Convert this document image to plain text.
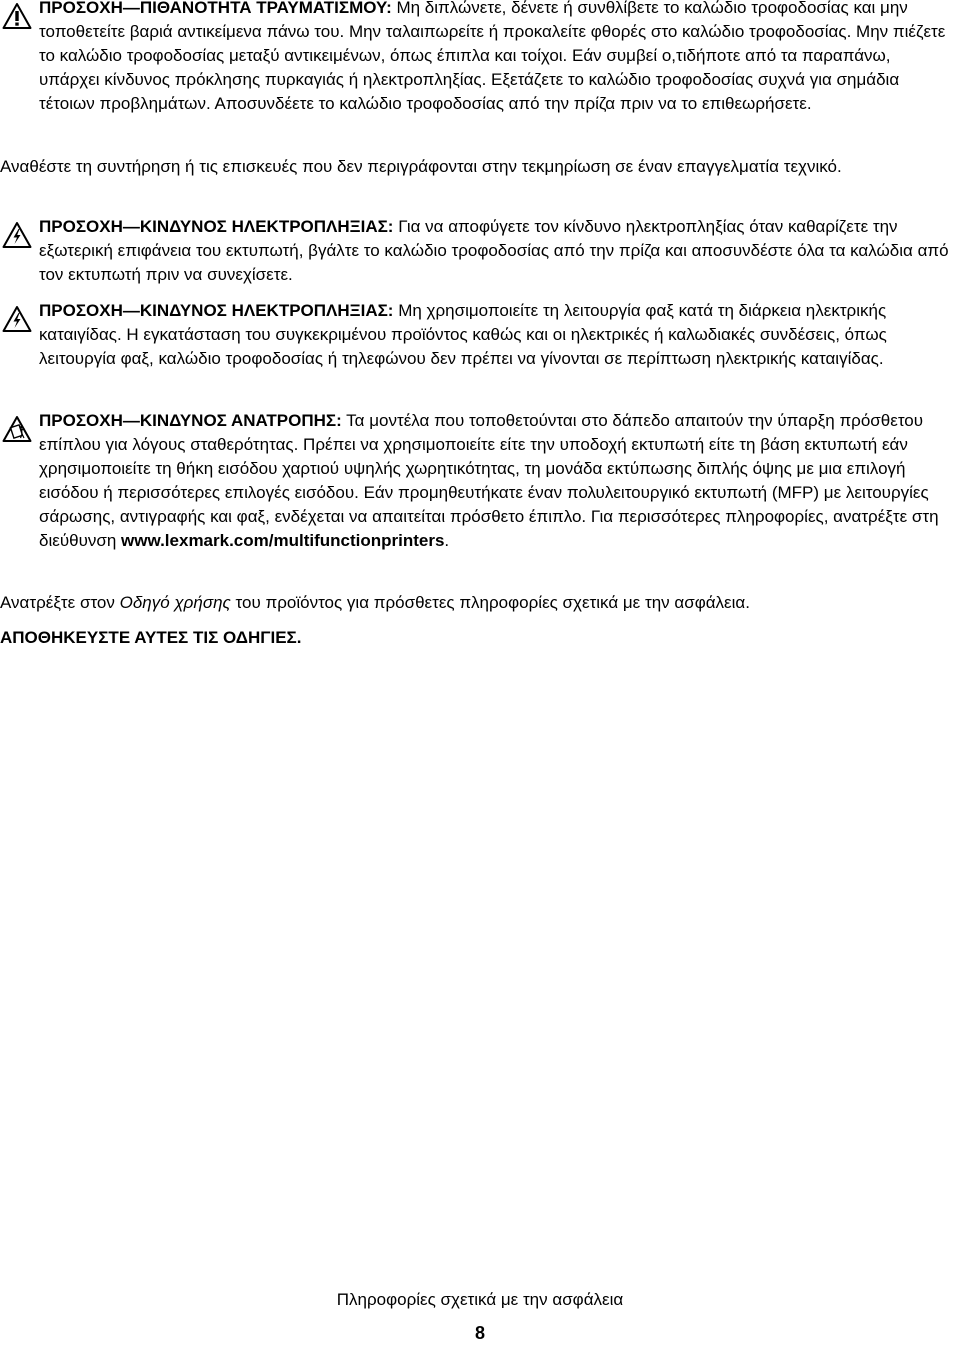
ΠΡΟΣΟΧΗ—ΠΙΘΑΝΟΤΗΤΑ ΤΡΑΥΜΑΤΙΣΜΟΥ: Μη διπλώνετε, δένετε ή συνθλίβετε το καλώδιο τροφοδοσίας και μην τοποθετείτε βαριά αντικείμενα πάνω του. Μην ταλαιπωρείτε ή προκαλείτε φθορές στο καλώδιο τροφοδοσίας. Μην πιέζετε το καλώδιο τροφοδοσίας μεταξύ αντικειμένων, όπως έπιπλα και τοίχοι. Εάν συμβεί ο,τιδήποτε από τα παραπάνω, υπάρχει κίνδυνος πρόκλησης πυρκαγιάς ή ηλεκτροπληξίας. Εξετάζετε το καλώδιο τροφοδοσίας συχνά για σημάδια τέτοιων προβλημάτων. Αποσυνδέετε το καλώδιο τροφοδοσίας από την πρίζα πριν να το επιθεωρήσετε.
Αναθέστε τη συντήρηση ή τις επισκευές που δεν περιγράφονται στην τεκμηρίωση σε έναν επαγγελματία τεχνικό.
ΠΡΟΣΟΧΗ—ΚΙΝΔΥΝΟΣ ΗΛΕΚΤΡΟΠΛΗΞΙΑΣ: Για να αποφύγετε τον κίνδυνο ηλεκτροπληξίας όταν καθαρίζετε την εξωτερική επιφάνεια του εκτυπωτή, βγάλτε το καλώδιο τροφοδοσίας από την πρίζα και αποσυνδέστε όλα τα καλώδια από τον εκτυπωτή πριν να συνεχίσετε.
ΠΡΟΣΟΧΗ—ΚΙΝΔΥΝΟΣ ΗΛΕΚΤΡΟΠΛΗΞΙΑΣ: Μη χρησιμοποιείτε τη λειτουργία φαξ κατά τη διάρκεια ηλεκτρικής καταιγίδας. Η εγκατάσταση του συγκεκριμένου προϊόντος καθώς και οι ηλεκτρικές ή καλωδιακές συνδέσεις, όπως λειτουργία φαξ, καλώδιο τροφοδοσίας ή τηλεφώνου δεν πρέπει να γίνονται σε περίπτωση ηλεκτρικής καταιγίδας.
ΠΡΟΣΟΧΗ—ΚΙΝΔΥΝΟΣ ΑΝΑΤΡΟΠΗΣ: Τα μοντέλα που τοποθετούνται στο δάπεδο απαιτούν την ύπαρξη πρόσθετου επίπλου για λόγους σταθερότητας. Πρέπει να χρησιμοποιείτε είτε την υποδοχή εκτυπωτή είτε τη βάση εκτυπωτή εάν χρησιμοποιείτε τη θήκη εισόδου χαρτιού υψηλής χωρητικότητας, τη μονάδα εκτύπωσης διπλής όψης με μια επιλογή εισόδου ή περισσότερες επιλογές εισόδου. Εάν προμηθευτήκατε έναν πολυλειτουργικό εκτυπωτή (MFP) με λειτουργίες σάρωσης, αντιγραφής και φαξ, ενδέχεται να απαιτείται πρόσθετο έπιπλο. Για περισσότερες πληροφορίες, ανατρέξτε στη διεύθυνση www.lexmark.com/multifunctionprinters.
Ανατρέξτε στον Οδηγό χρήσης του προϊόντος για πρόσθετες πληροφορίες σχετικά με την ασφάλεια.
ΑΠΟΘΗΚΕΥΣΤΕ ΑΥΤΕΣ ΤΙΣ ΟΔΗΓΙΕΣ.
Πληροφορίες σχετικά με την ασφάλεια
8
